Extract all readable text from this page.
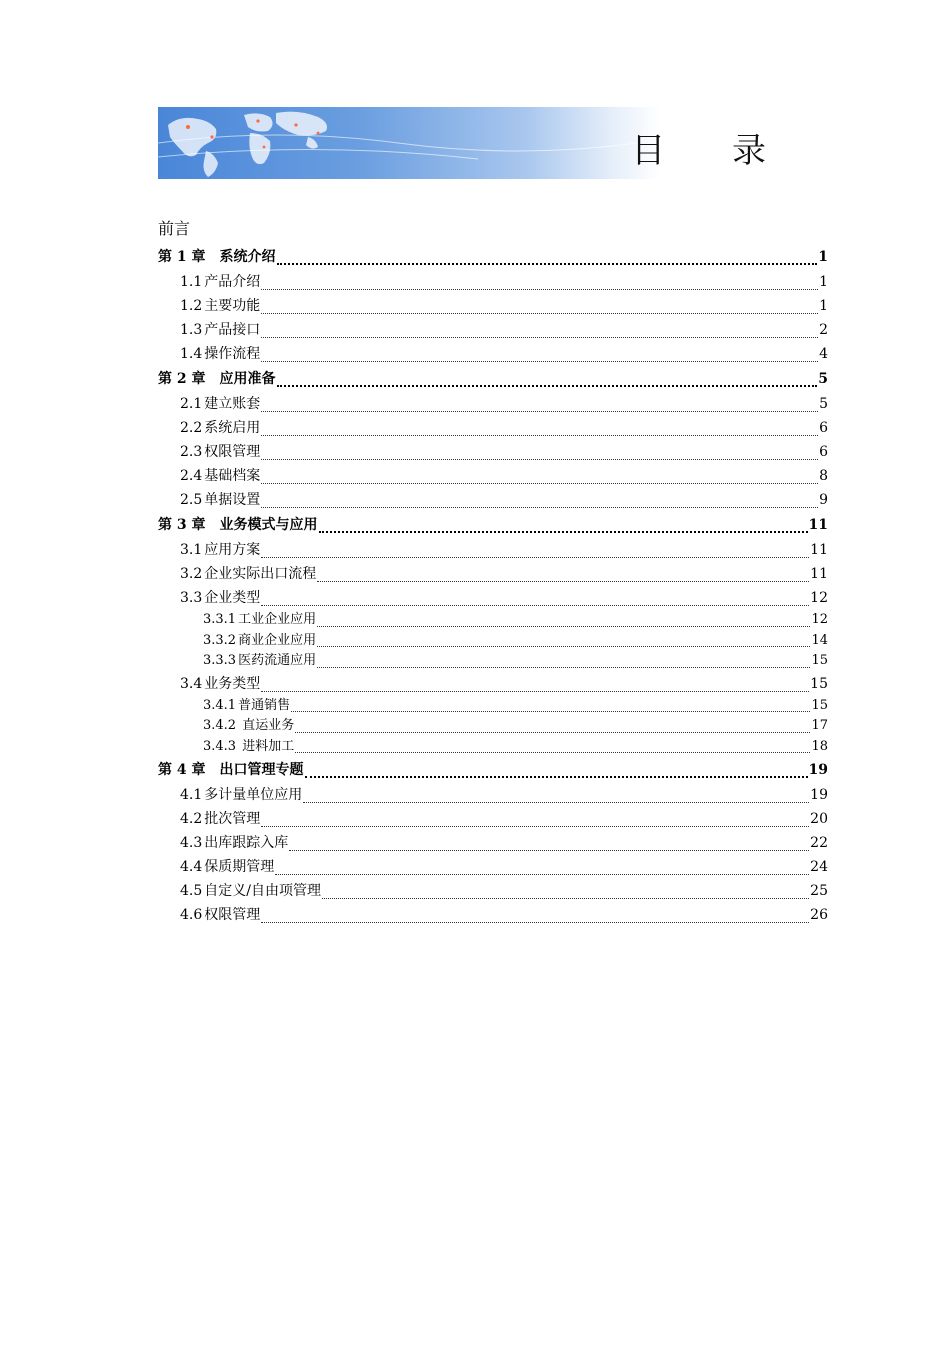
目 录
前言
第 1 章 系统介绍	1
1.1 产品介绍	1
1.2 主要功能	1
1.3 产品接口	2
1.4 操作流程	4
第 2 章 应用准备	5
2.1 建立账套	5
2.2 系统启用	6
2.3 权限管理	6
2.4 基础档案	8
2.5 单据设置	9
第 3 章 业务模式与应用	11
3.1 应用方案	11
3.2 企业实际出口流程	11
3.3 企业类型	12
3.3.1 工业企业应用	12
3.3.2 商业企业应用	14
3.3.3 医药流通应用	15
3.4 业务类型	15
3.4.1 普通销售	15
3.4.2 直运业务	17
3.4.3 进料加工	18
第 4 章 出口管理专题	19
4.1 多计量单位应用	19
4.2 批次管理	20
4.3 出库跟踪入库	22
4.4 保质期管理	24
4.5 自定义/自由项管理	25
4.6 权限管理	26
